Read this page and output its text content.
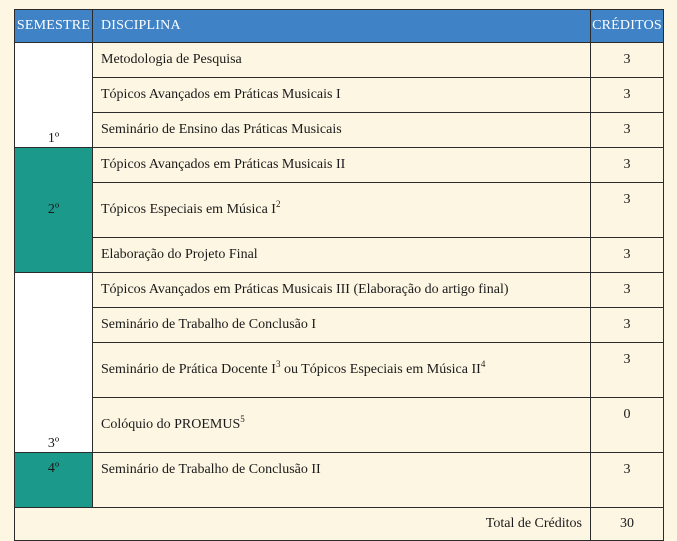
SEMESTRE	DISCIPLINA	CRÉDITOS
1º	Metodologia de Pesquisa	3
	Tópicos Avançados em Práticas Musicais I	3
	Seminário de Ensino das Práticas Musicais	3
2º	Tópicos Avançados em Práticas Musicais II	3
	Tópicos Especiais em Música $I^2$	3
	Elaboração do Projeto Final	3
3º	Tópicos Avançados em Práticas Musicais III (Elaboração do artigo final)	3
	Seminário de Trabalho de Conclusão I	3
	Seminário de Prática Docente $I^3$ ou Tópicos Especiais em Música $II^4$	3
	Colóquio do PROEMUS$^5$	0
4º	Seminário de Trabalho de Conclusão II	3
Total de Créditos		30
